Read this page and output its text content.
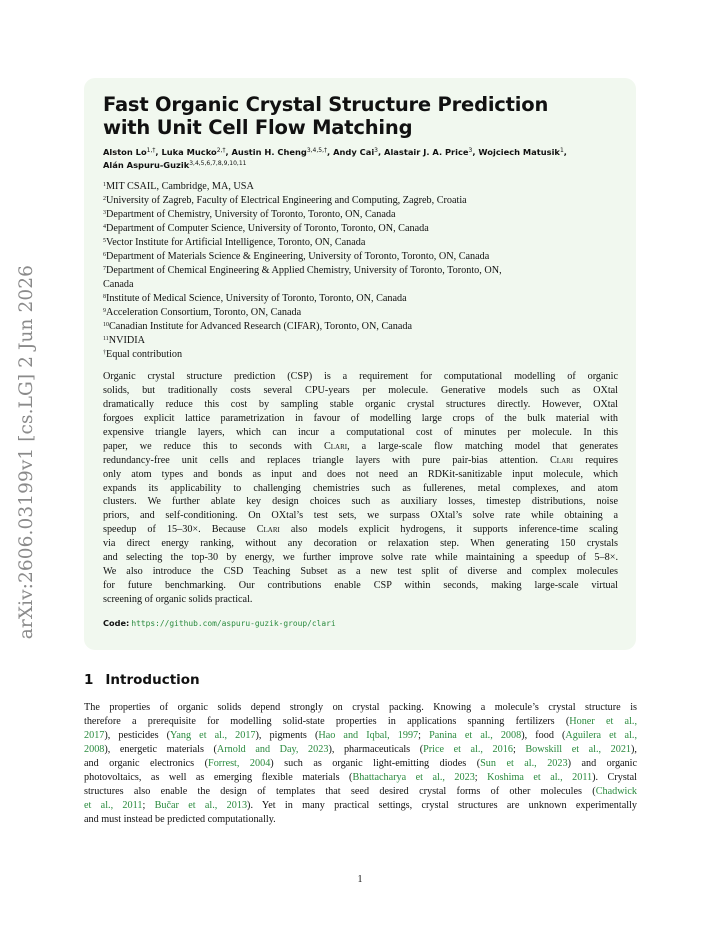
arXiv:2606.03199v1 [cs.LG] 2 Jun 2026
Fast Organic Crystal Structure Prediction
with Unit Cell Flow Matching
Alston $Lo^{1,\dagger}$, Luka Mucko$^{2,\dagger}$, Austin H. Cheng$^{3,4,5,\dagger}$, Andy Cai$^3$, Alastair J. A. Price$^3$, Wojciech Matusik$^1$,
Alán Aspuru-Guzik$^{3,4,5,6,7,8,9,10,11}$
$^1$MIT CSAIL, Cambridge, MA, USA
$^2$University of Zagreb, Faculty of Electrical Engineering and Computing, Zagreb, Croatia
$^3$Department of Chemistry, University of Toronto, Toronto, ON, Canada
$^4$Department of Computer Science, University of Toronto, Toronto, ON, Canada
$^5$Vector Institute for Artificial Intelligence, Toronto, ON, Canada
$^6$Department of Materials Science & Engineering, University of Toronto, Toronto, ON, Canada
$^7$Department of Chemical Engineering & Applied Chemistry, University of Toronto, Toronto, ON,
Canada
$^8$Institute of Medical Science, University of Toronto, Toronto, ON, Canada
$^9$Acceleration Consortium, Toronto, ON, Canada
$^{10}$Canadian Institute for Advanced Research (CIFAR), Toronto, ON, Canada
$^{11}$NVIDIA
†Equal contribution
Organic crystal structure prediction (CSP) is a requirement for computational modelling of organic
solids, but traditionally costs several CPU-years per molecule. Generative models such as OXtal
dramatically reduce this cost by sampling stable organic crystal structures directly. However, OXtal
forgoes explicit lattice parametrization in favour of modelling large crops of the bulk material with
expensive triangle layers, which can incur a computational cost of minutes per molecule. In this
paper, we reduce this to seconds with Clari, a large-scale flow matching model that generates
redundancy-free unit cells and replaces triangle layers with pure pair-bias attention. Clari requires
only atom types and bonds as input and does not need an RDKit-sanitizable input molecule, which
expands its applicability to challenging chemistries such as fullerenes, metal complexes, and atom
clusters. We further ablate key design choices such as auxiliary losses, timestep distributions, noise
priors, and self-conditioning. On OXtal’s test sets, we surpass OXtal’s solve rate while obtaining a
speedup of 15–30×. Because Clari also models explicit hydrogens, it supports inference-time scaling
via direct energy ranking, without any decoration or relaxation step. When generating 150 crystals
and selecting the top-30 by energy, we further improve solve rate while maintaining a speedup of 5–8×.
We also introduce the CSD Teaching Subset as a new test split of diverse and complex molecules
for future benchmarking. Our contributions enable CSP within seconds, making large-scale virtual
screening of organic solids practical.
Code: https://github.com/aspuru-guzik-group/clari
1 Introduction
The properties of organic solids depend strongly on crystal packing. Knowing a molecule’s crystal structure is
therefore a prerequisite for modelling solid-state properties in applications spanning fertilizers (Honer et al.,
2017), pesticides (Yang et al., 2017), pigments (Hao and Iqbal, 1997; Panina et al., 2008), food (Aguilera et al.,
2008), energetic materials (Arnold and Day, 2023), pharmaceuticals (Price et al., 2016; Bowskill et al., 2021),
and organic electronics (Forrest, 2004) such as organic light-emitting diodes (Sun et al., 2023) and organic
photovoltaics, as well as emerging flexible materials (Bhattacharya et al., 2023; Koshima et al., 2011). Crystal
structures also enable the design of templates that seed desired crystal forms of other molecules (Chadwick
et al., 2011; Bučar et al., 2013). Yet in many practical settings, crystal structures are unknown experimentally
and must instead be predicted computationally.
1
